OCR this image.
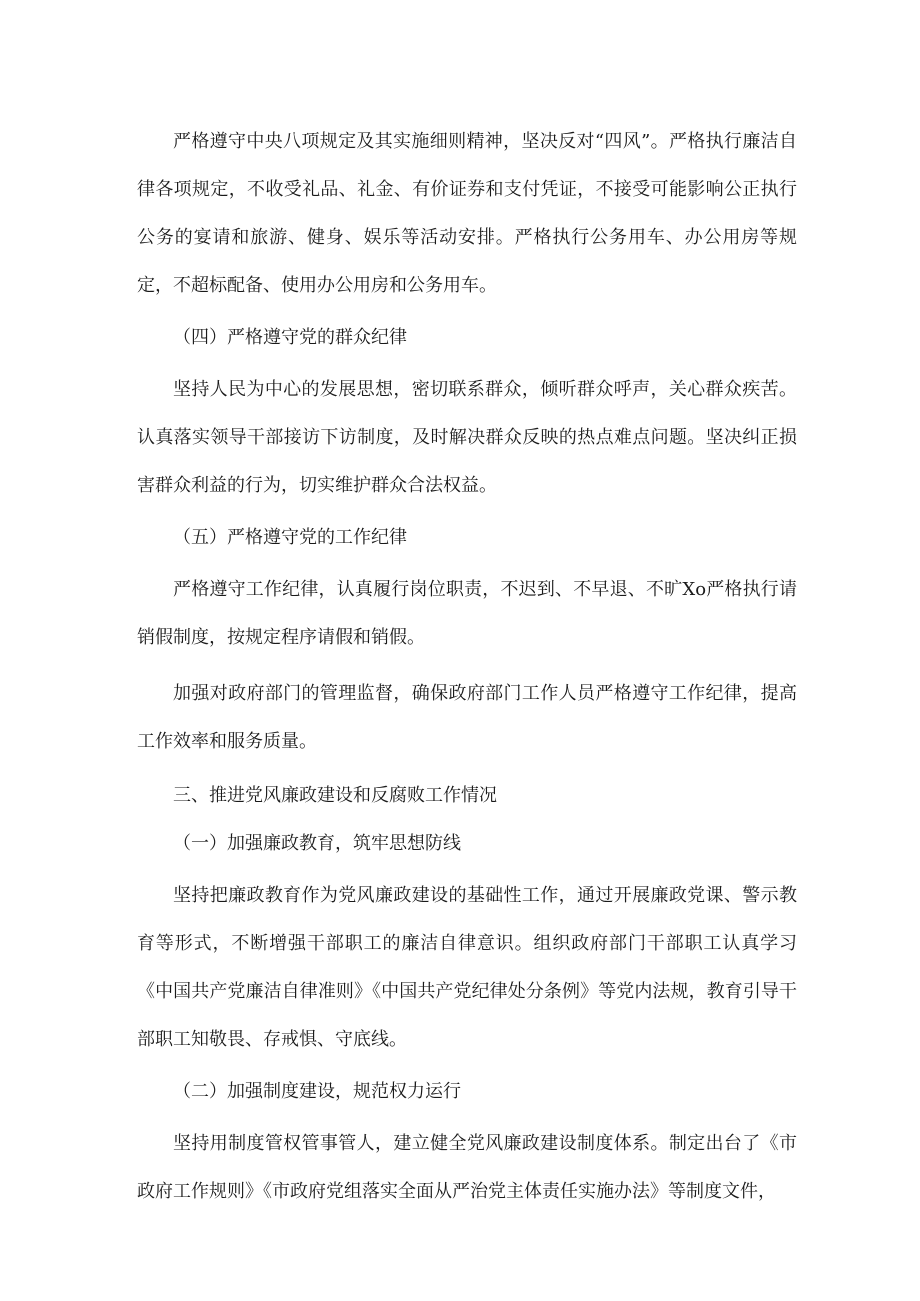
严格遵守中央八项规定及其实施细则精神，坚决反对“四风”。严格执行廉洁自律各项规定，不收受礼品、礼金、有价证券和支付凭证，不接受可能影响公正执行公务的宴请和旅游、健身、娱乐等活动安排。严格执行公务用车、办公用房等规定，不超标配备、使用办公用房和公务用车。

（四）严格遵守党的群众纪律

坚持人民为中心的发展思想，密切联系群众，倾听群众呼声，关心群众疾苦。认真落实领导干部接访下访制度，及时解决群众反映的热点难点问题。坚决纠正损害群众利益的行为，切实维护群众合法权益。

（五）严格遵守党的工作纪律

严格遵守工作纪律，认真履行岗位职责，不迟到、不早退、不旷Xo严格执行请销假制度，按规定程序请假和销假。

加强对政府部门的管理监督，确保政府部门工作人员严格遵守工作纪律，提高工作效率和服务质量。

三、推进党风廉政建设和反腐败工作情况

（一）加强廉政教育，筑牢思想防线

坚持把廉政教育作为党风廉政建设的基础性工作，通过开展廉政党课、警示教育等形式，不断增强干部职工的廉洁自律意识。组织政府部门干部职工认真学习《中国共产党廉洁自律准则》《中国共产党纪律处分条例》等党内法规，教育引导干部职工知敬畏、存戒惧、守底线。

（二）加强制度建设，规范权力运行

坚持用制度管权管事管人，建立健全党风廉政建设制度体系。制定出台了《市政府工作规则》《市政府党组落实全面从严治党主体责任实施办法》等制度文件，
